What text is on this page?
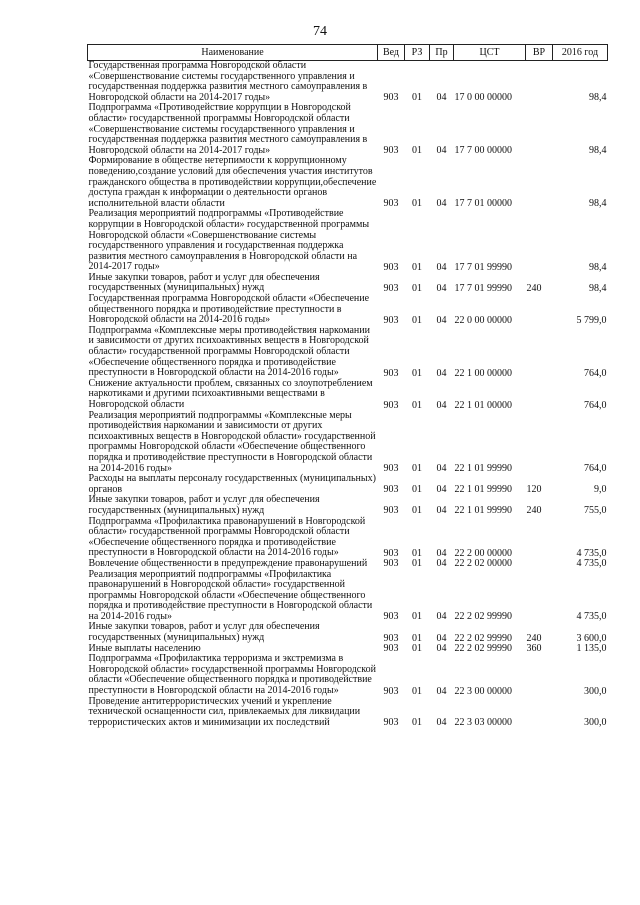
74
Наименование	Вед	РЗ	Пр	ЦСТ	ВР	2016 год
Государственная программа Новгородской области «Совершенствование системы государственного управления и государственная поддержка развития местного самоуправления в Новгородской области на 2014-2017 годы»	903	01	04	17 0 00 00000		98,4
Подпрограмма «Противодействие коррупции в Новгородской области» государственной программы Новгородской области «Совершенствование системы государственного управления и государственная поддержка развития местного самоуправления в Новгородской области на 2014-2017 годы»	903	01	04	17 7 00 00000		98,4
Формирование в обществе нетерпимости к коррупционному поведению,создание условий для обеспечения участия институтов гражданского общества в противодействии коррупции,обеспечение доступа граждан к информации о деятельности органов исполнительной власти области	903	01	04	17 7 01 00000		98,4
Реализация мероприятий подпрограммы «Противодействие коррупции в Новгородской области» государственной программы Новгородской области «Совершенствование системы государственного управления и государственная поддержка развития местного самоуправления в Новгородской области на 2014-2017 годы»	903	01	04	17 7 01 99990		98,4
Иные закупки товаров, работ и услуг для обеспечения государственных (муниципальных) нужд	903	01	04	17 7 01 99990	240	98,4
Государственная программа Новгородской области «Обеспечение общественного порядка и противодействие преступности в Новгородской области на 2014-2016 годы»	903	01	04	22 0 00 00000		5 799,0
Подпрограмма «Комплексные меры противодействия наркомании и зависимости от других психоактивных веществ в Новгородской области» государственной программы Новгородской области «Обеспечение общественного порядка и противодействие преступности в Новгородской области на 2014-2016 годы»	903	01	04	22 1 00 00000		764,0
Снижение актуальности проблем, связанных со злоупотреблением наркотиками и другими психоактивными веществами в Новгородской области	903	01	04	22 1 01 00000		764,0
Реализация мероприятий подпрограммы «Комплексные меры противодействия наркомании и зависимости от других психоактивных веществ в Новгородской области» государственной программы Новгородской области «Обеспечение общественного порядка и противодействие преступности в Новгородской области на 2014-2016 годы»	903	01	04	22 1 01 99990		764,0
Расходы на выплаты персоналу государственных (муниципальных) органов	903	01	04	22 1 01 99990	120	9,0
Иные закупки товаров, работ и услуг для обеспечения государственных (муниципальных) нужд	903	01	04	22 1 01 99990	240	755,0
Подпрограмма «Профилактика правонарушений в Новгородской области» государственной программы Новгородской области «Обеспечение общественного порядка и противодействие преступности в Новгородской области на 2014-2016 годы»	903	01	04	22 2 00 00000		4 735,0
Вовлечение общественности в предупреждение правонарушений	903	01	04	22 2 02 00000		4 735,0
Реализация мероприятий подпрограммы «Профилактика правонарушений в Новгородской области» государственной программы Новгородской области «Обеспечение общественного порядка и противодействие преступности в Новгородской области на 2014-2016 годы»	903	01	04	22 2 02 99990		4 735,0
Иные закупки товаров, работ и услуг для обеспечения государственных (муниципальных) нужд	903	01	04	22 2 02 99990	240	3 600,0
Иные выплаты населению	903	01	04	22 2 02 99990	360	1 135,0
Подпрограмма «Профилактика терроризма и экстремизма в Новгородской области» государственной программы Новгородской области «Обеспечение общественного порядка и противодействие преступности в Новгородской области на 2014-2016 годы»	903	01	04	22 3 00 00000		300,0
Проведение антитеррористических учений и укрепление технической оснащенности сил, привлекаемых для ликвидации террористических актов и минимизации их последствий	903	01	04	22 3 03 00000		300,0
